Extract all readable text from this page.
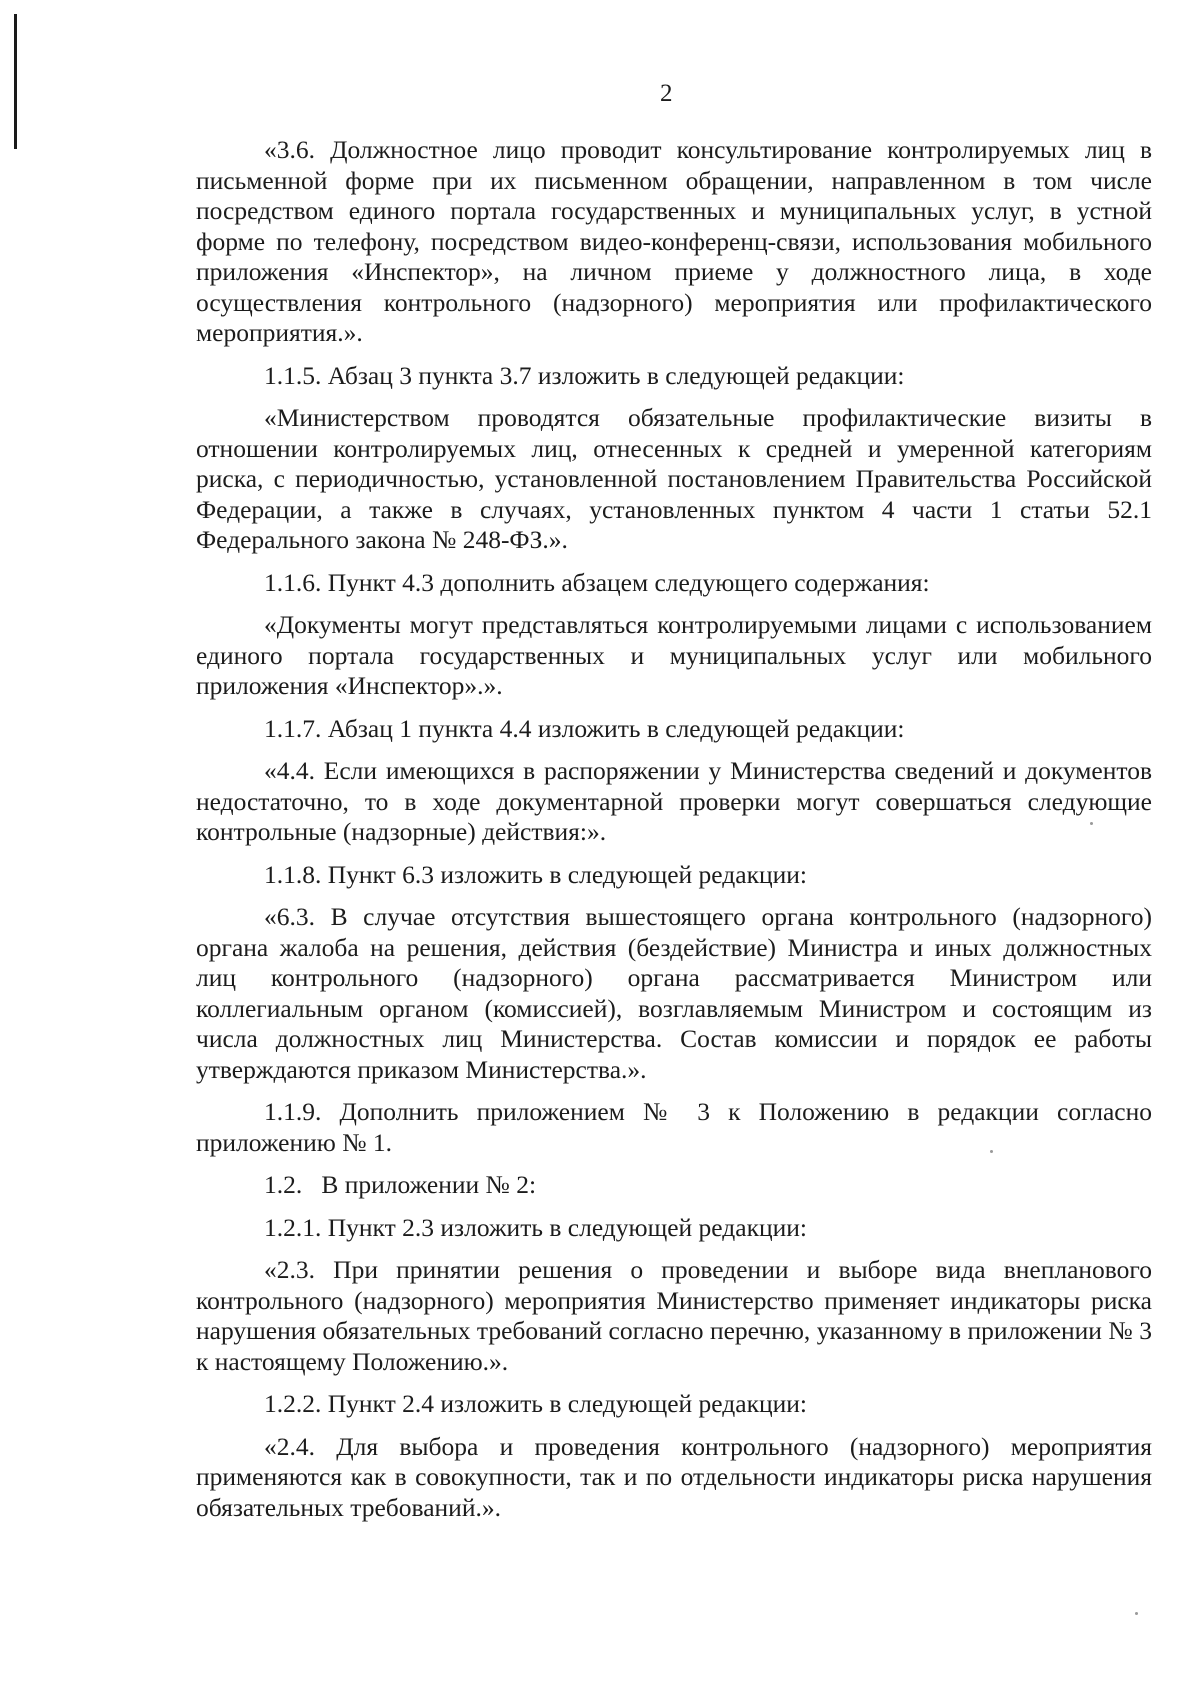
2

«3.6. Должностное лицо проводит консультирование контролируемых лиц в письменной форме при их письменном обращении, направленном в том числе посредством единого портала государственных и муниципальных услуг, в устной форме по телефону, посредством видео-конференц-связи, использования мобильного приложения «Инспектор», на личном приеме у должностного лица, в ходе осуществления контрольного (надзорного) мероприятия или профилактического мероприятия.».

1.1.5. Абзац 3 пункта 3.7 изложить в следующей редакции:

«Министерством проводятся обязательные профилактические визиты в отношении контролируемых лиц, отнесенных к средней и умеренной категориям риска, с периодичностью, установленной постановлением Правительства Российской Федерации, а также в случаях, установленных пунктом 4 части 1 статьи 52.1 Федерального закона № 248-ФЗ.».

1.1.6. Пункт 4.3 дополнить абзацем следующего содержания:

«Документы могут представляться контролируемыми лицами с использованием единого портала государственных и муниципальных услуг или мобильного приложения «Инспектор».».

1.1.7. Абзац 1 пункта 4.4 изложить в следующей редакции:

«4.4. Если имеющихся в распоряжении у Министерства сведений и документов недостаточно, то в ходе документарной проверки могут совершаться следующие контрольные (надзорные) действия:».

1.1.8. Пункт 6.3 изложить в следующей редакции:

«6.3. В случае отсутствия вышестоящего органа контрольного (надзорного) органа жалоба на решения, действия (бездействие) Министра и иных должностных лиц контрольного (надзорного) органа рассматривается Министром или коллегиальным органом (комиссией), возглавляемым Министром и состоящим из числа должностных лиц Министерства. Состав комиссии и порядок ее работы утверждаются приказом Министерства.».

1.1.9. Дополнить приложением № 3 к Положению в редакции согласно приложению № 1.

1.2.   В приложении № 2:

1.2.1. Пункт 2.3 изложить в следующей редакции:

«2.3. При принятии решения о проведении и выборе вида внепланового контрольного (надзорного) мероприятия Министерство применяет индикаторы риска нарушения обязательных требований согласно перечню, указанному в приложении № 3 к настоящему Положению.».

1.2.2. Пункт 2.4 изложить в следующей редакции:

«2.4. Для выбора и проведения контрольного (надзорного) мероприятия применяются как в совокупности, так и по отдельности индикаторы риска нарушения обязательных требований.».
